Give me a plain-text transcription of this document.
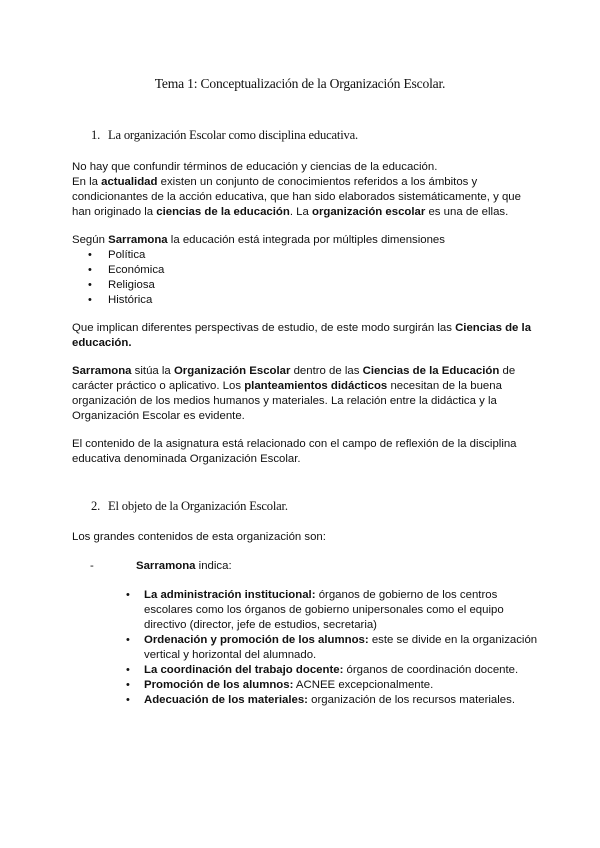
Tema 1: Conceptualización de la Organización Escolar.
1. La organización Escolar como disciplina educativa.

No hay que confundir términos de educación y ciencias de la educación.

En la actualidad existen un conjunto de conocimientos referidos a los ámbitos y condicionantes de la acción educativa, que han sido elaborados sistemáticamente, y que han originado la ciencias de la educación. La organización escolar es una de ellas.

Según Sarramona la educación está integrada por múltiples dimensiones

• Política
• Económica
• Religiosa
• Histórica

Que implican diferentes perspectivas de estudio, de este modo surgirán las Ciencias de la educación.

Sarramona sitúa la Organización Escolar dentro de las Ciencias de la Educación de carácter práctico o aplicativo. Los planteamientos didácticos necesitan de la buena organización de los medios humanos y materiales. La relación entre la didáctica y la Organización Escolar es evidente.

El contenido de la asignatura está relacionado con el campo de reflexión de la disciplina educativa denominada Organización Escolar.

2. El objeto de la Organización Escolar.

Los grandes contenidos de esta organización son:

-	Sarramona indica:
• La administración institucional: órganos de gobierno de los centros escolares como los órganos de gobierno unipersonales como el equipo directivo (director, jefe de estudios, secretaria)
• Ordenación y promoción de los alumnos: este se divide en la organización vertical y horizontal del alumnado.
• La coordinación del trabajo docente: órganos de coordinación docente.
• Promoción de los alumnos: ACNEE excepcionalmente.
• Adecuación de los materiales: organización de los recursos materiales.
